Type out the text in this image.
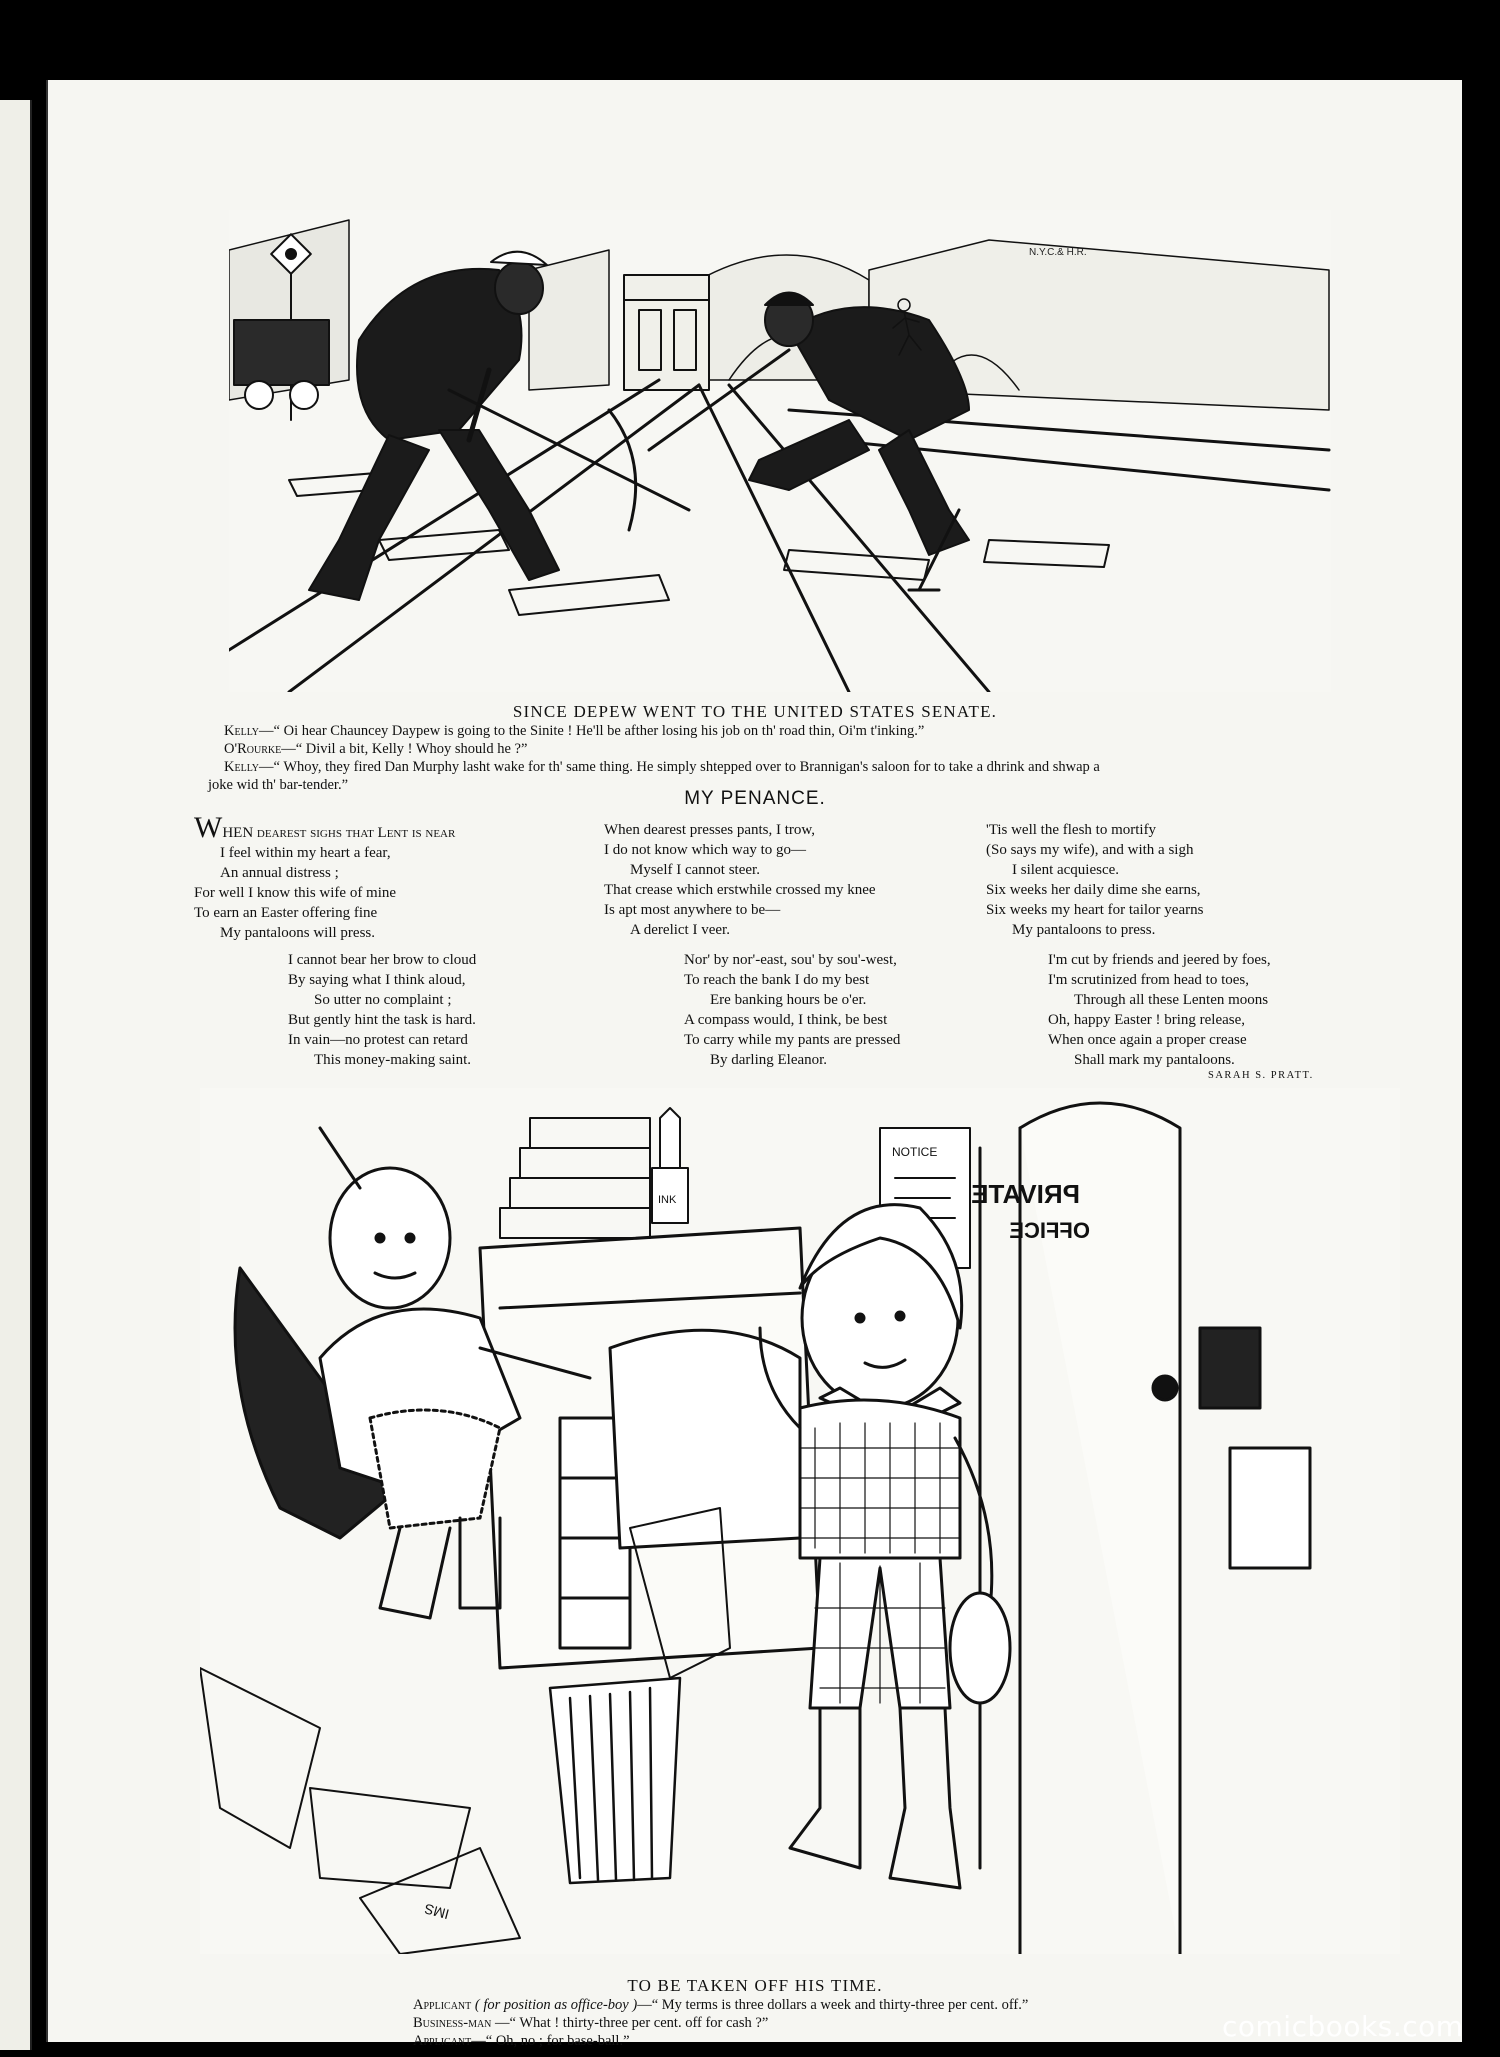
N.Y.C.& H.R.
SINCE DEPEW WENT TO THE UNITED STATES SENATE.
Kelly—“ Oi hear Chauncey Daypew is going to the Sinite ! He'll be afther losing his job on th' road thin, Oi'm t'inking.”
O'Rourke—“ Divil a bit, Kelly ! Whoy should he ?”
Kelly—“ Whoy, they fired Dan Murphy lasht wake for th' same thing. He simply shtepped over to Brannigan's saloon for to take a dhrink and shwap a
joke wid th' bar-tender.”
MY PENANCE.
WHEN dearest sighs that Lent is near
I feel within my heart a fear,
An annual distress ;
For well I know this wife of mine
To earn an Easter offering fine
My pantaloons will press.
When dearest presses pants, I trow,
I do not know which way to go—
Myself I cannot steer.
That crease which erstwhile crossed my knee
Is apt most anywhere to be—
A derelict I veer.
'Tis well the flesh to mortify
(So says my wife), and with a sigh
I silent acquiesce.
Six weeks her daily dime she earns,
Six weeks my heart for tailor yearns
My pantaloons to press.
I cannot bear her brow to cloud
By saying what I think aloud,
So utter no complaint ;
But gently hint the task is hard.
In vain—no protest can retard
This money-making saint.
Nor' by nor'-east, sou' by sou'-west,
To reach the bank I do my best
Ere banking hours be o'er.
A compass would, I think, be best
To carry while my pants are pressed
By darling Eleanor.
I'm cut by friends and jeered by foes,
I'm scrutinized from head to toes,
Through all these Lenten moons
Oh, happy Easter ! bring release,
When once again a proper crease
Shall mark my pantaloons.
SARAH S. PRATT.
PRIVATE
OFFICE
NOTICE
INK
IMS
TO BE TAKEN OFF HIS TIME.
Applicant ( for position as office-boy )—“ My terms is three dollars a week and thirty-three per cent. off.”
Business-man —“ What ! thirty-three per cent. off for cash ?”
Applicant—“ Oh, no ; for base-ball.”	comicbooks.com
